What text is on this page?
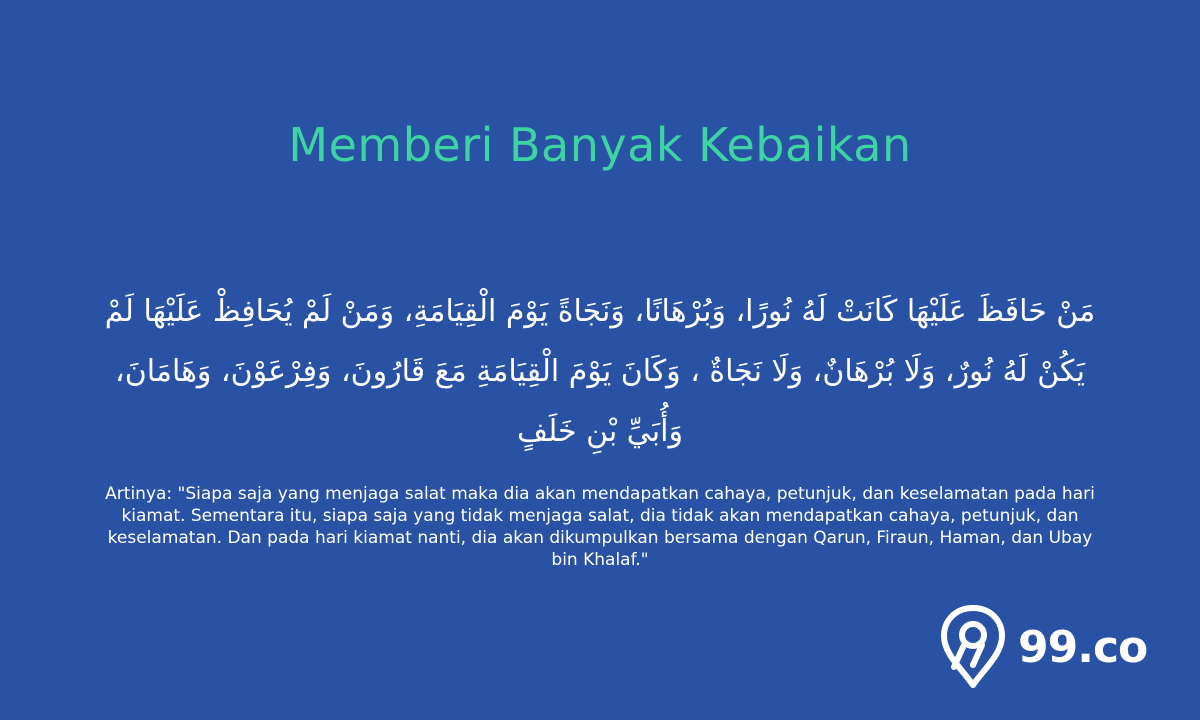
Memberi Banyak Kebaikan

مَنْ حَافَظَ عَلَيْهَا كَانَتْ لَهُ نُورًا، وَبُرْهَانًا، وَنَجَاةً يَوْمَ الْقِيَامَةِ، وَمَنْ لَمْ يُحَافِظْ عَلَيْهَا لَمْ يَكُنْ لَهُ نُورٌ، وَلَا بُرْهَانٌ، وَلَا نَجَاةٌ ، وَكَانَ يَوْمَ الْقِيَامَةِ مَعَ قَارُونَ، وَفِرْعَوْنَ، وَهَامَانَ، وَأُبَيِّ بْنِ خَلَفٍ

Artinya: "Siapa saja yang menjaga salat maka dia akan mendapatkan cahaya, petunjuk, dan keselamatan pada hari kiamat. Sementara itu, siapa saja yang tidak menjaga salat, dia tidak akan mendapatkan cahaya, petunjuk, dan keselamatan. Dan pada hari kiamat nanti, dia akan dikumpulkan bersama dengan Qarun, Firaun, Haman, dan Ubay bin Khalaf."

99.co
